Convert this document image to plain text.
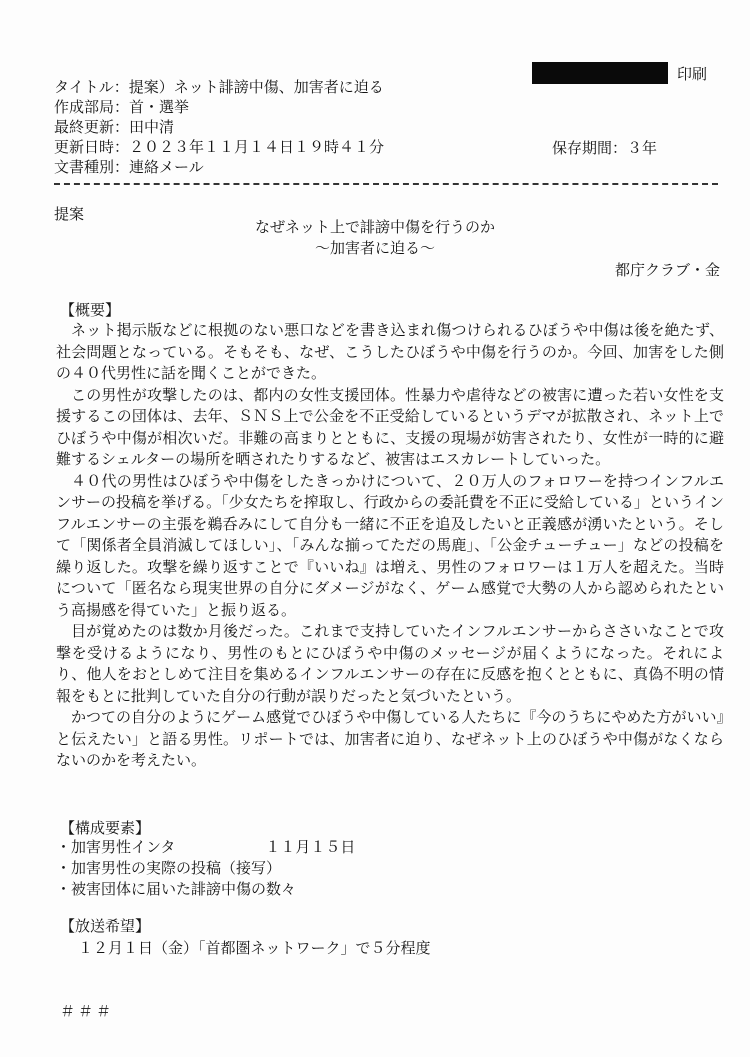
印刷
タイトル：提案）ネット誹謗中傷、加害者に迫る
作成部局：首・選挙
最終更新：田中清
更新日時：２０２３年１１月１４日１９時４１分
文書種別：連絡メール
保存期間：３年
提案
なぜネット上で誹謗中傷を行うのか
～加害者に迫る～
都庁クラブ・金
【概要】

ネット掲示版などに根拠のない悪口などを書き込まれ傷つけられるひぼうや中傷は後を絶たず、社会問題となっている。そもそも、なぜ、こうしたひぼうや中傷を行うのか。今回、加害をした側の４０代男性に話を聞くことができた。

この男性が攻撃したのは、都内の女性支援団体。性暴力や虐待などの被害に遭った若い女性を支援するこの団体は、去年、ＳＮＳ上で公金を不正受給しているというデマが拡散され、ネット上でひぼうや中傷が相次いだ。非難の高まりとともに、支援の現場が妨害されたり、女性が一時的に避難するシェルターの場所を晒されたりするなど、被害はエスカレートしていった。

４０代の男性はひぼうや中傷をしたきっかけについて、２０万人のフォロワーを持つインフルエンサーの投稿を挙げる。「少女たちを搾取し、行政からの委託費を不正に受給している」というインフルエンサーの主張を鵜呑みにして自分も一緒に不正を追及したいと正義感が湧いたという。そして「関係者全員消滅してほしい」、「みんな揃ってただの馬鹿」、「公金チューチュー」などの投稿を繰り返した。攻撃を繰り返すことで『いいね』は増え、男性のフォロワーは１万人を超えた。当時について「匿名なら現実世界の自分にダメージがなく、ゲーム感覚で大勢の人から認められたという高揚感を得ていた」と振り返る。

目が覚めたのは数か月後だった。これまで支持していたインフルエンサーからささいなことで攻撃を受けるようになり、男性のもとにひぼうや中傷のメッセージが届くようになった。それにより、他人をおとしめて注目を集めるインフルエンサーの存在に反感を抱くとともに、真偽不明の情報をもとに批判していた自分の行動が誤りだったと気づいたという。

かつての自分のようにゲーム感覚でひぼうや中傷している人たちに『今のうちにやめた方がいい』と伝えたい」と語る男性。リポートでは、加害者に迫り、なぜネット上のひぼうや中傷がなくならないのかを考えたい。

【構成要素】
・加害男性インタ	１１月１５日
・加害男性の実際の投稿（接写）
・被害団体に届いた誹謗中傷の数々
【放送希望】
１２月１日（金）「首都圏ネットワーク」で５分程度
＃＃＃
